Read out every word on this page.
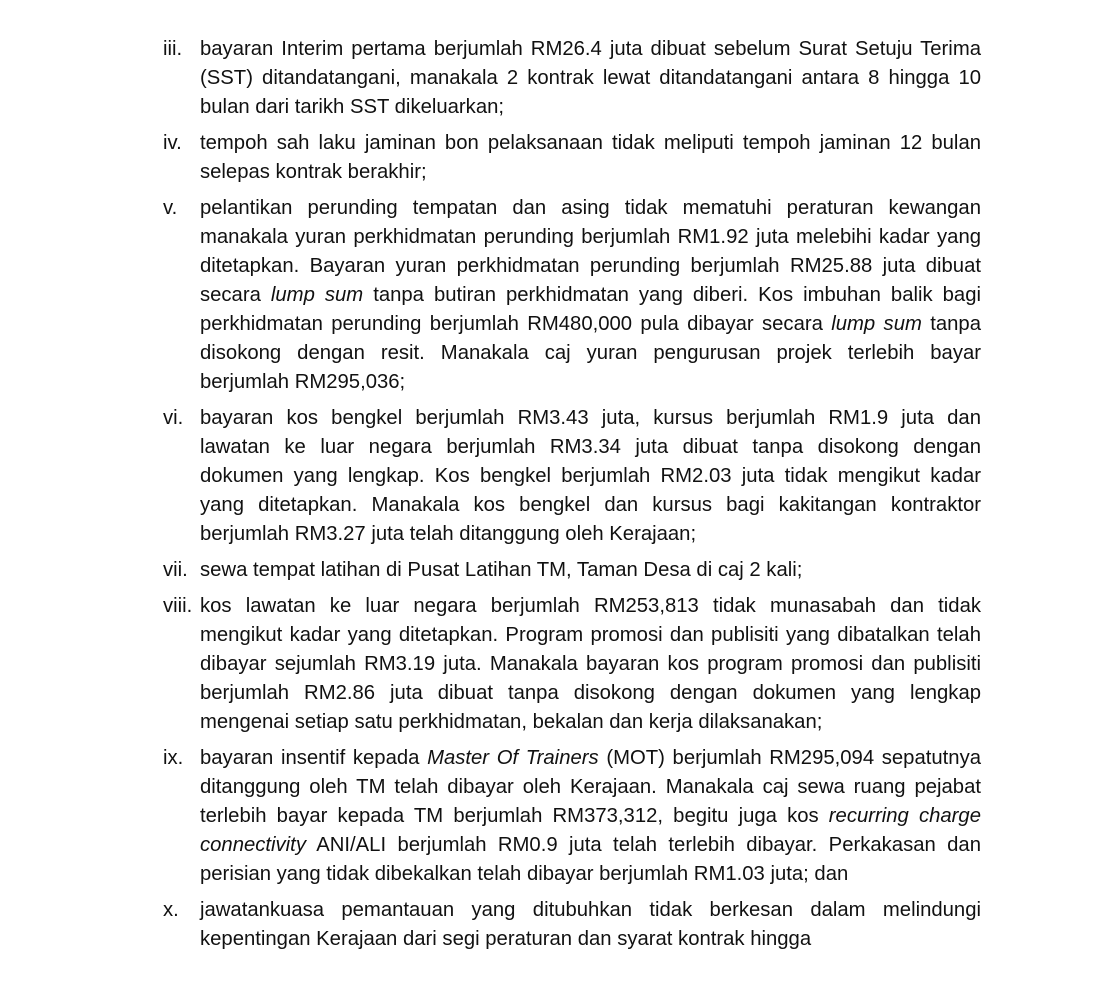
iii. bayaran Interim pertama berjumlah RM26.4 juta dibuat sebelum Surat Setuju Terima (SST) ditandatangani, manakala 2 kontrak lewat ditandatangani antara 8 hingga 10 bulan dari tarikh SST dikeluarkan;
iv. tempoh sah laku jaminan bon pelaksanaan tidak meliputi tempoh jaminan 12 bulan selepas kontrak berakhir;
v.	pelantikan perunding tempatan dan asing tidak mematuhi peraturan kewangan manakala yuran perkhidmatan perunding berjumlah RM1.92 juta melebihi kadar yang ditetapkan. Bayaran yuran perkhidmatan perunding berjumlah RM25.88 juta dibuat secara lump sum tanpa butiran perkhidmatan yang diberi. Kos imbuhan balik bagi perkhidmatan perunding berjumlah RM480,000 pula dibayar secara lump sum tanpa disokong dengan resit. Manakala caj yuran pengurusan projek terlebih bayar berjumlah RM295,036;
vi. bayaran kos bengkel berjumlah RM3.43 juta, kursus berjumlah RM1.9 juta dan lawatan ke luar negara berjumlah RM3.34 juta dibuat tanpa disokong dengan dokumen yang lengkap. Kos bengkel berjumlah RM2.03 juta tidak mengikut kadar yang ditetapkan. Manakala kos bengkel dan kursus bagi kakitangan kontraktor berjumlah RM3.27 juta telah ditanggung oleh Kerajaan;
vii. sewa tempat latihan di Pusat Latihan TM, Taman Desa di caj 2 kali;
viii. kos lawatan ke luar negara berjumlah RM253,813 tidak munasabah dan tidak mengikut kadar yang ditetapkan. Program promosi dan publisiti yang dibatalkan telah dibayar sejumlah RM3.19 juta. Manakala bayaran kos program promosi dan publisiti berjumlah RM2.86 juta dibuat tanpa disokong dengan dokumen yang lengkap mengenai setiap satu perkhidmatan, bekalan dan kerja dilaksanakan;
ix. bayaran insentif kepada Master Of Trainers (MOT) berjumlah RM295,094 sepatutnya ditanggung oleh TM telah dibayar oleh Kerajaan. Manakala caj sewa ruang pejabat terlebih bayar kepada TM berjumlah RM373,312, begitu juga kos recurring charge connectivity ANI/ALI berjumlah RM0.9 juta telah terlebih dibayar. Perkakasan dan perisian yang tidak dibekalkan telah dibayar berjumlah RM1.03 juta; dan
x.	jawatankuasa pemantauan yang ditubuhkan tidak berkesan dalam melindungi kepentingan Kerajaan dari segi peraturan dan syarat kontrak hingga
